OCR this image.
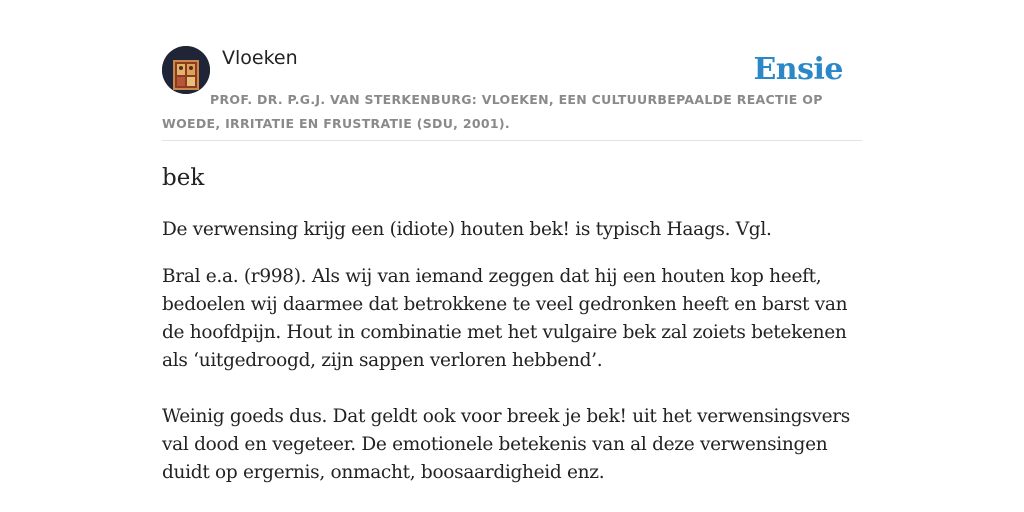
Vloeken	Ensie
PROF. DR. P.G.J. VAN STERKENBURG: VLOEKEN, EEN CULTUURBEPAALDE REACTIE OP WOEDE, IRRITATIE EN FRUSTRATIE (SDU, 2001).
bek

De verwensing krijg een (idiote) houten bek! is typisch Haags. Vgl.

Bral e.a. (r998). Als wij van iemand zeggen dat hij een houten kop heeft, bedoelen wij daarmee dat betrokkene te veel gedronken heeft en barst van de hoofdpijn. Hout in combinatie met het vulgaire bek zal zoiets betekenen als ‘uitgedroogd, zijn sappen verloren hebbend’.

Weinig goeds dus. Dat geldt ook voor breek je bek! uit het verwensingsvers val dood en vegeteer. De emotionele betekenis van al deze verwensingen duidt op ergernis, onmacht, boosaardigheid enz.
